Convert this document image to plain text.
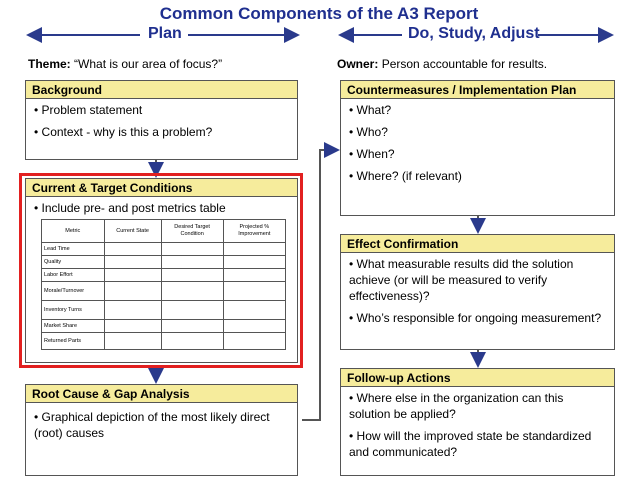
Common Components of the A3 Report
Plan	Do, Study, Adjust
Theme: “What is our area of focus?”	Owner: Person accountable for results.
Background

• Problem statement

• Context - why is this a problem?

Current & Target Conditions
• Include pre- and post metrics table
Metric	Current State	Desired Target Condition	Projected % Improvement
Lead Time			
Quality			
Labor Effort			
Morale/Turnover			
Inventory Turns			
Market Share			
Returned Parts			
Root Cause & Gap Analysis
• Graphical depiction of the most likely direct (root) causes
Countermeasures / Implementation Plan

• What?

• Who?

• When?

• Where? (if relevant)

Effect Confirmation

• What measurable results did the solution achieve (or will be measured to verify effectiveness)?

• Who’s responsible for ongoing measurement?

Follow-up Actions

• Where else in the organization can this solution be applied?

• How will the improved state be standardized and communicated?
